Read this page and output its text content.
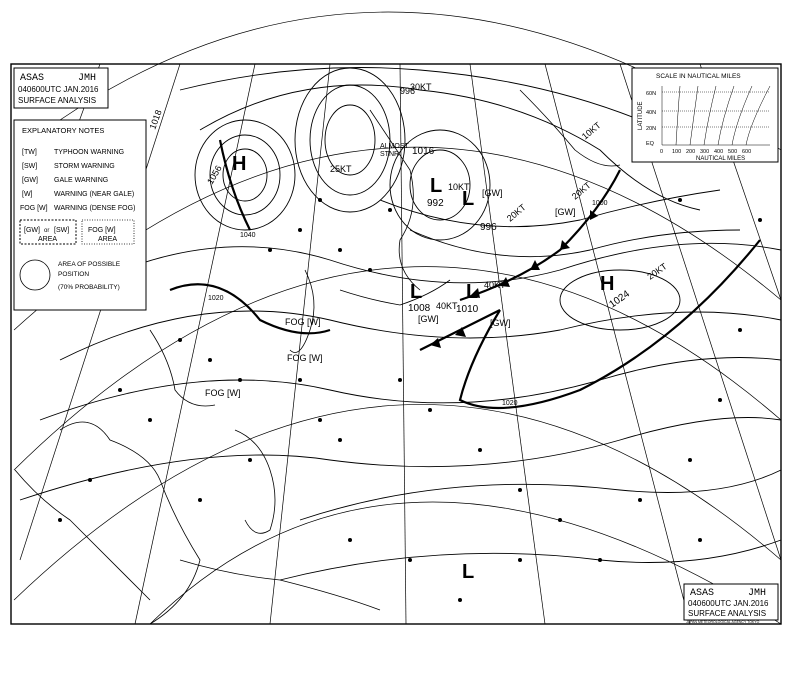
L
992
10KT
L
1008 40KT
L
1010
40KT	H
1024
20KT
H
1056
L
996
20KT
L
ALMOST
STNR
25KT
20KT
10KT
30KT
[GW]
[GW]	[GW]
[GW]
FOG [W]
FOG [W]
FOG [W]
1016
1020
1020
1040
996
1018
1000
ASAS	JMH
040600UTC JAN.2016
SURFACE ANALYSIS
EXPLANATORY NOTES
[TW] TYPHOON WARNING
[SW] STORM WARNING
[GW] GALE WARNING
[W]	WARNING (NEAR GALE)
FOG [W] WARNING (DENSE FOG)
[GW] or [SW]
AREA
FOG [W]
AREA
AREA OF POSSIBLE
POSITION
(70% PROBABILITY)
SCALE IN NAUTICAL MILES
LATITUDE
60N
40N
20N
EQ
0 100 200 300 400 500 600
NAUTICAL MILES
ASAS	JMH
040600UTC JAN.2016
SURFACE ANALYSIS
JAPAN METEOROLOGICAL AGENCY TOKYO
